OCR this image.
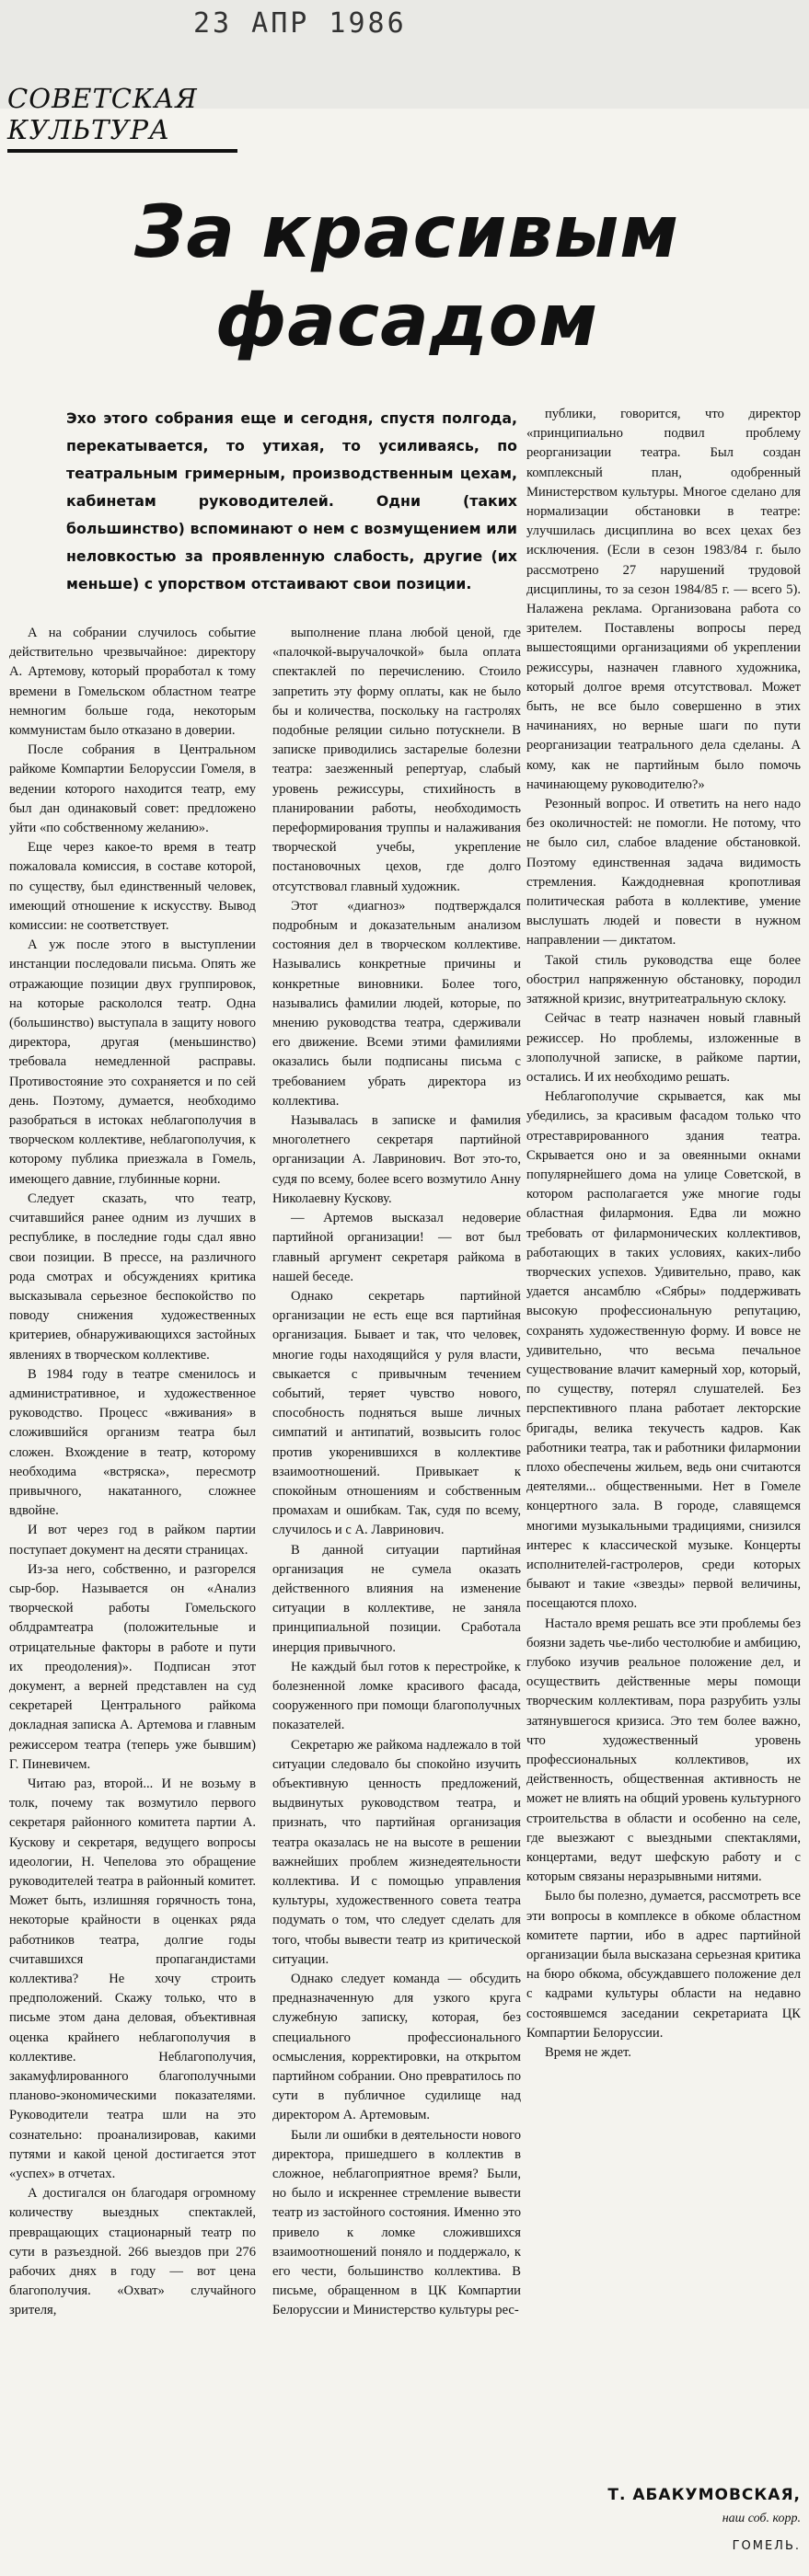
23 АПР 1986
СОВЕТСКАЯ КУЛЬТУРА
За красивым
фасадом
Эхо этого собрания еще и сегодня, спустя полгода, перекатывается, то утихая, то усиливаясь, по театральным гримерным, производственным цехам, кабинетам руководителей. Одни (таких большинство) вспоминают о нем с возмущением или неловкостью за проявленную слабость, другие (их меньше) с упорством отстаивают свои позиции.

А на собрании случилось событие действительно чрезвычайное: директору А. Артемову, который проработал к тому времени в Гомельском областном театре немногим больше года, некоторым коммунистам было отказано в доверии.

После собрания в Центральном райкоме Компартии Белоруссии Гомеля, в ведении которого находится театр, ему был дан одинаковый совет: предложено уйти «по собственному желанию».

Еще через какое-то время в театр пожаловала комиссия, в составе которой, по существу, был единственный человек, имеющий отношение к искусству. Вывод комиссии: не соответствует.

А уж после этого в выступлении инстанции последовали письма. Опять же отражающие позиции двух группировок, на которые раскололся театр. Одна (большинство) выступала в защиту нового директора, другая (меньшинство) требовала немедленной расправы. Противостояние это сохраняется и по сей день. Поэтому, думается, необходимо разобраться в истоках неблагополучия в творческом коллективе, неблагополучия, к которому публика приезжала в Гомель, имеющего давние, глубинные корни.

Следует сказать, что театр, считавшийся ранее одним из лучших в республике, в последние годы сдал явно свои позиции. В прессе, на различного рода смотрах и обсуждениях критика высказывала серьезное беспокойство по поводу снижения художественных критериев, обнаруживающихся застойных явлениях в творческом коллективе.

В 1984 году в театре сменилось и административное, и художественное руководство. Процесс «вживания» в сложившийся организм театра был сложен. Вхождение в театр, которому необходима «встряска», пересмотр привычного, накатанного, сложнее вдвойне.

И вот через год в райком партии поступает документ на десяти страницах.

Из-за него, собственно, и разгорелся сыр-бор. Называется он «Анализ творческой работы Гомельского облдрамтеатра (положительные и отрицательные факторы в работе и пути их преодоления)». Подписан этот документ, а верней представлен на суд секретарей Центрального райкома докладная записка А. Артемова и главным режиссером театра (теперь уже бывшим) Г. Пиневичем.

Читаю раз, второй... И не возьму в толк, почему так возмутило первого секретаря районного комитета партии А. Кускову и секретаря, ведущего вопросы идеологии, Н. Чепелова это обращение руководителей театра в районный комитет. Может быть, излишняя горячность тона, некоторые крайности в оценках ряда работников театра, долгие годы считавшихся пропагандистами коллектива? Не хочу строить предположений. Скажу только, что в письме этом дана деловая, объективная оценка крайнего неблагополучия в коллективе. Неблагополучия, закамуфлированного благополучными планово-экономическими показателями. Руководители театра шли на это сознательно: проанализировав, какими путями и какой ценой достигается этот «успех» в отчетах.

А достигался он благодаря огромному количеству выездных спектаклей, превращающих стационарный театр по сути в разъездной. 266 выездов при 276 рабочих днях в году — вот цена благополучия. «Охват» случайного зрителя,

выполнение плана любой ценой, где «палочкой-выручалочкой» была оплата спектаклей по перечислению. Стоило запретить эту форму оплаты, как не было бы и количества, поскольку на гастролях подобные реляции сильно потускнели. В записке приводились застарелые болезни театра: заезженный репертуар, слабый уровень режиссуры, стихийность в планировании работы, необходимость переформирования труппы и налаживания творческой учебы, укрепление постановочных цехов, где долго отсутствовал главный художник.

Этот «диагноз» подтверждался подробным и доказательным анализом состояния дел в творческом коллективе. Назывались конкретные причины и конкретные виновники. Более того, назывались фамилии людей, которые, по мнению руководства театра, сдерживали его движение. Всеми этими фамилиями оказались были подписаны письма с требованием убрать директора из коллектива.

Называлась в записке и фамилия многолетнего секретаря партийной организации А. Лавринович. Вот это-то, судя по всему, более всего возмутило Анну Николаевну Кускову.

— Артемов высказал недоверие партийной организации! — вот был главный аргумент секретаря райкома в нашей беседе.

Однако секретарь партийной организации не есть еще вся партийная организация. Бывает и так, что человек, многие годы находящийся у руля власти, свыкается с привычным течением событий, теряет чувство нового, способность подняться выше личных симпатий и антипатий, возвысить голос против укоренившихся в коллективе взаимоотношений. Привыкает к спокойным отношениям и собственным промахам и ошибкам. Так, судя по всему, случилось и с А. Лавринович.

В данной ситуации партийная организация не сумела оказать действенного влияния на изменение ситуации в коллективе, не заняла принципиальной позиции. Сработала инерция привычного.

Не каждый был готов к перестройке, к болезненной ломке красивого фасада, сооруженного при помощи благополучных показателей.

Секретарю же райкома надлежало в той ситуации следовало бы спокойно изучить объективную ценность предложений, выдвинутых руководством театра, и признать, что партийная организация театра оказалась не на высоте в решении важнейших проблем жизнедеятельности коллектива. И с помощью управления культуры, художественного совета театра подумать о том, что следует сделать для того, чтобы вывести театр из критической ситуации.

Однако следует команда — обсудить предназначенную для узкого круга служебную записку, которая, без специального профессионального осмысления, корректировки, на открытом партийном собрании. Оно превратилось по сути в публичное судилище над директором А. Артемовым.

Были ли ошибки в деятельности нового директора, пришедшего в коллектив в сложное, неблагоприятное время? Были, но было и искреннее стремление вывести театр из застойного состояния. Именно это привело к ломке сложившихся взаимоотношений поняло и поддержало, к его чести, большинство коллектива. В письме, обращенном в ЦК Компартии Белоруссии и Министерство культуры рес-

публики, говорится, что директор «принципиально подвил проблему реорганизации театра. Был создан комплексный план, одобренный Министерством культуры. Многое сделано для нормализации обстановки в театре: улучшилась дисциплина во всех цехах без исключения. (Если в сезон 1983/84 г. было рассмотрено 27 нарушений трудовой дисциплины, то за сезон 1984/85 г. — всего 5). Налажена реклама. Организована работа со зрителем. Поставлены вопросы перед вышестоящими организациями об укреплении режиссуры, назначен главного художника, который долгое время отсутствовал. Может быть, не все было совершенно в этих начинаниях, но верные шаги по пути реорганизации театрального дела сделаны. А кому, как не партийным было помочь начинающему руководителю?»

Резонный вопрос. И ответить на него надо без околичностей: не помогли. Не потому, что не было сил, слабое владение обстановкой. Поэтому единственная задача видимость стремления. Каждодневная кропотливая политическая работа в коллективе, умение выслушать людей и повести в нужном направлении — диктатом.

Такой стиль руководства еще более обострил напряженную обстановку, породил затяжной кризис, внутритеатральную склоку.

Сейчас в театр назначен новый главный режиссер. Но проблемы, изложенные в злополучной записке, в райкоме партии, остались. И их необходимо решать.

Неблагополучие скрывается, как мы убедились, за красивым фасадом только что отреставрированного здания театра. Скрывается оно и за овеянными окнами популярнейшего дома на улице Советской, в котором располагается уже многие годы областная филармония. Едва ли можно требовать от филармонических коллективов, работающих в таких условиях, каких-либо творческих успехов. Удивительно, право, как удается ансамблю «Сябры» поддерживать высокую профессиональную репутацию, сохранять художественную форму. И вовсе не удивительно, что весьма печальное существование влачит камерный хор, который, по существу, потерял слушателей. Без перспективного плана работает лекторские бригады, велика текучесть кадров. Как работники театра, так и работники филармонии плохо обеспечены жильем, ведь они считаются деятелями... общественными. Нет в Гомеле концертного зала. В городе, славящемся многими музыкальными традициями, снизился интерес к классической музыке. Концерты исполнителей-гастролеров, среди которых бывают и такие «звезды» первой величины, посещаются плохо.

Настало время решать все эти проблемы без боязни задеть чье-либо честолюбие и амбицию, глубоко изучив реальное положение дел, и осуществить действенные меры помощи творческим коллективам, пора разрубить узлы затянувшегося кризиса. Это тем более важно, что художественный уровень профессиональных коллективов, их действенность, общественная активность не может не влиять на общий уровень культурного строительства в области и особенно на селе, где выезжают с выездными спектаклями, концертами, ведут шефскую работу и с которым связаны неразрывными нитями.

Было бы полезно, думается, рассмотреть все эти вопросы в комплексе в обкоме областном комитете партии, ибо в адрес партийной организации была высказана серьезная критика на бюро обкома, обсуждавшего положение дел с кадрами культуры области на недавно состоявшемся заседании секретариата ЦК Компартии Белоруссии.

Время не ждет.

Т. АБАКУМОВСКАЯ,
наш соб. корр.
ГОМЕЛЬ.
